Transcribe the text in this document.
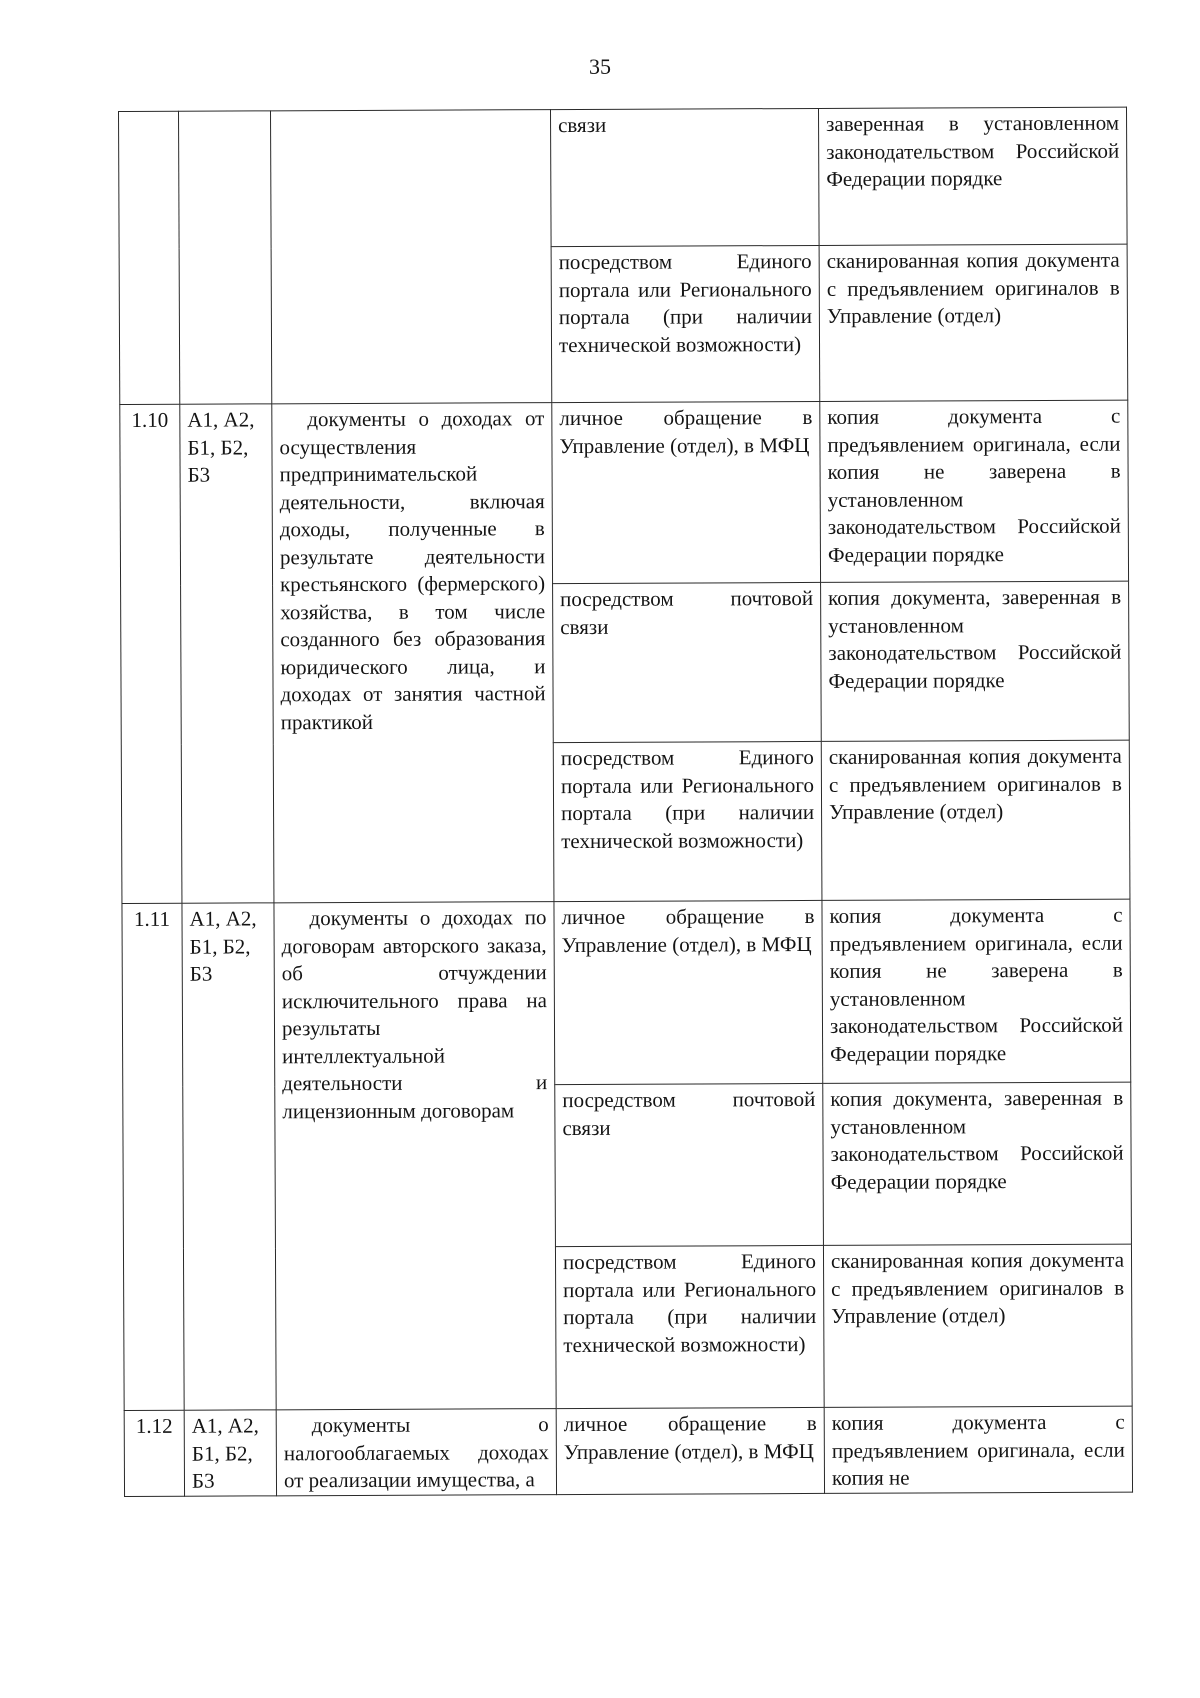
35
			связи	заверенная в установленном законодательством Российской Федерации порядке
			посредством Единого портала или Регионального портала (при наличии технической возможности)	сканированная копия документа с предъявлением оригиналов в Управление (отдел)
1.10	А1, А2, Б1, Б2, Б3	документы о доходах от осуществления предпринимательской деятельности, включая доходы, полученные в результате деятельности крестьянского (фермерского) хозяйства, в том числе созданного без образования юридического лица, и доходах от занятия частной практикой	личное обращение в Управление (отдел), в МФЦ	копия документа с предъявлением оригинала, если копия не заверена в установленном законодательством Российской Федерации порядке
			посредством почтовой связи	копия документа, заверенная в установленном законодательством Российской Федерации порядке
			посредством Единого портала или Регионального портала (при наличии технической возможности)	сканированная копия документа с предъявлением оригиналов в Управление (отдел)
1.11	А1, А2, Б1, Б2, Б3	документы о доходах по договорам авторского заказа, об отчуждении исключительного права на результаты интеллектуальной деятельности и лицензионным договорам	личное обращение в Управление (отдел), в МФЦ	копия документа с предъявлением оригинала, если копия не заверена в установленном законодательством Российской Федерации порядке
			посредством почтовой связи	копия документа, заверенная в установленном законодательством Российской Федерации порядке
			посредством Единого портала или Регионального портала (при наличии технической возможности)	сканированная копия документа с предъявлением оригиналов в Управление (отдел)
1.12	А1, А2, Б1, Б2, Б3	документы о налогооблагаемых доходах от реализации имущества, а	личное обращение в Управление (отдел), в МФЦ	копия документа с предъявлением оригинала, если копия не
